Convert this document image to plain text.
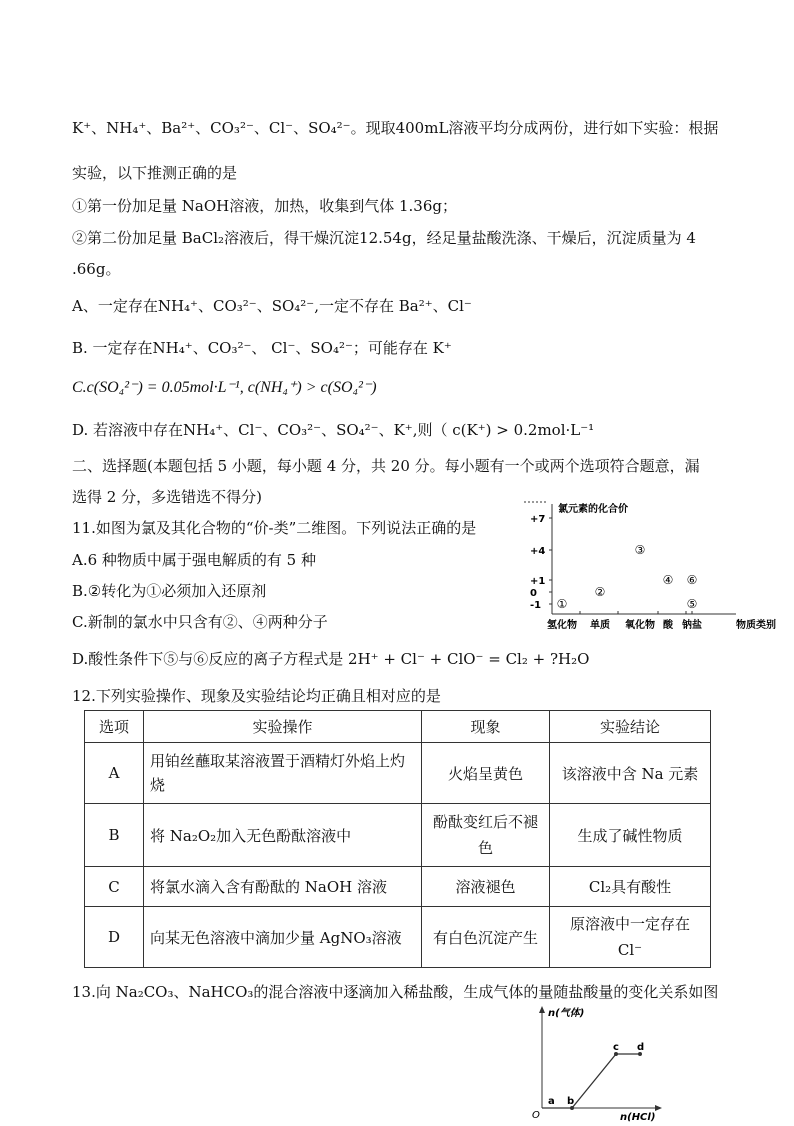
K⁺、NH₄⁺、Ba²⁺、CO₃²⁻、Cl⁻、SO₄²⁻。现取400mL溶液平均分成两份，进行如下实验：根据
实验，以下推测正确的是
①第一份加足量 NaOH溶液，加热，收集到气体 1.36g；
②第二份加足量 BaCl₂溶液后，得干燥沉淀12.54g，经足量盐酸洗涤、干燥后，沉淀质量为 4
.66g。
A、一定存在NH₄⁺、CO₃²⁻、SO₄²⁻,一定不存在 Ba²⁺、Cl⁻
B. 一定存在NH₄⁺、CO₃²⁻、 Cl⁻、SO₄²⁻；可能存在 K⁺
C.c(SO₄²⁻) = 0.05mol·L⁻¹, c(NH₄⁺) > c(SO₄²⁻)
D. 若溶液中存在NH₄⁺、Cl⁻、CO₃²⁻、SO₄²⁻、K⁺,则（ c(K⁺) > 0.2mol·L⁻¹
二、选择题(本题包括 5 小题，每小题 4 分，共 20 分。每小题有一个或两个选项符合题意，漏
选得 2 分，多选错选不得分)
11.如图为氯及其化合物的“价-类”二维图。下列说法正确的是
A.6 种物质中属于强电解质的有 5 种
B.②转化为①必须加入还原剂
C.新制的氯水中只含有②、④两种分子
D.酸性条件下⑤与⑥反应的离子方程式是 2H⁺ + Cl⁻ + ClO⁻ = Cl₂ + ?H₂O
氯元素的化合价
+7
+4
+1
0
-1
氢化物 单质 氧化物 酸 钠盐
①
②
③
④
⑤
⑥
物质类别
12.下列实验操作、现象及实验结论均正确且相对应的是
选项	实验操作	现象	实验结论
A	用铂丝蘸取某溶液置于酒精灯外焰上灼烧	火焰呈黄色	该溶液中含 Na 元素
B	将 Na₂O₂加入无色酚酞溶液中	酚酞变红后不褪色	生成了碱性物质
C	将氯水滴入含有酚酞的 NaOH 溶液	溶液褪色	Cl₂具有酸性
D	向某无色溶液中滴加少量 AgNO₃溶液	有白色沉淀产生	原溶液中一定存在 Cl⁻
13.向 Na₂CO₃、NaHCO₃的混合溶液中逐滴加入稀盐酸，生成气体的量随盐酸量的变化关系如图
n(气体)
n(HCl)
O
a b
c d
